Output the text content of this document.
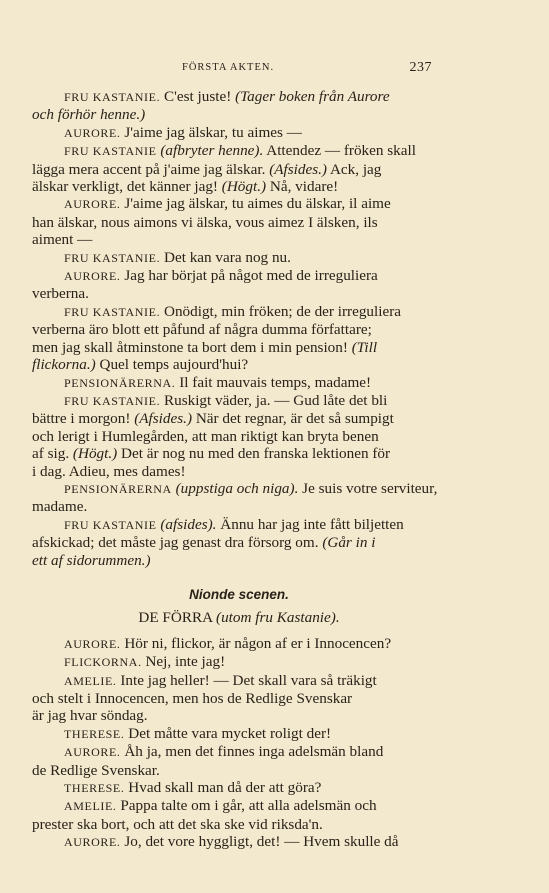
FÖRSTA AKTEN.	237
FRU KASTANIE. C'est juste! (Tager boken från Aurore
och förhör henne.)
AURORE. J'aime jag älskar, tu aimes —
FRU KASTANIE (afbryter henne). Attendez — fröken skall
lägga mera accent på j'aime jag älskar. (Afsides.) Ack, jag
älskar verkligt, det känner jag! (Högt.) Nå, vidare!
AURORE. J'aime jag älskar, tu aimes du älskar, il aime
han älskar, nous aimons vi älska, vous aimez I älsken, ils
aiment —
FRU KASTANIE. Det kan vara nog nu.
AURORE. Jag har börjat på något med de irreguliera
verberna.
FRU KASTANIE. Onödigt, min fröken; de der irreguliera
verberna äro blott ett påfund af några dumma författare;
men jag skall åtminstone ta bort dem i min pension! (Till
flickorna.) Quel temps aujourd'hui?
PENSIONÄRERNA. Il fait mauvais temps, madame!
FRU KASTANIE. Ruskigt väder, ja. — Gud låte det bli
bättre i morgon! (Afsides.) När det regnar, är det så sumpigt
och lerigt i Humlegården, att man riktigt kan bryta benen
af sig. (Högt.) Det är nog nu med den franska lektionen för
i dag. Adieu, mes dames!
PENSIONÄRERNA (uppstiga och niga). Je suis votre serviteur,
madame.
FRU KASTANIE (afsides). Ännu har jag inte fått biljetten
afskickad; det måste jag genast dra försorg om. (Går in i
ett af sidorummen.)
Nionde scenen.
DE FÖRRA (utom fru Kastanie).
AURORE. Hör ni, flickor, är någon af er i Innocencen?
FLICKORNA. Nej, inte jag!
AMELIE. Inte jag heller! — Det skall vara så träkigt
och stelt i Innocencen, men hos de Redlige Svenskar
är jag hvar söndag.
THERESE. Det måtte vara mycket roligt der!
AURORE. Åh ja, men det finnes inga adelsmän bland
de Redlige Svenskar.
THERESE. Hvad skall man då der att göra?
AMELIE. Pappa talte om i går, att alla adelsmän och
prester ska bort, och att det ska ske vid riksda'n.
AURORE. Jo, det vore hyggligt, det! — Hvem skulle då
